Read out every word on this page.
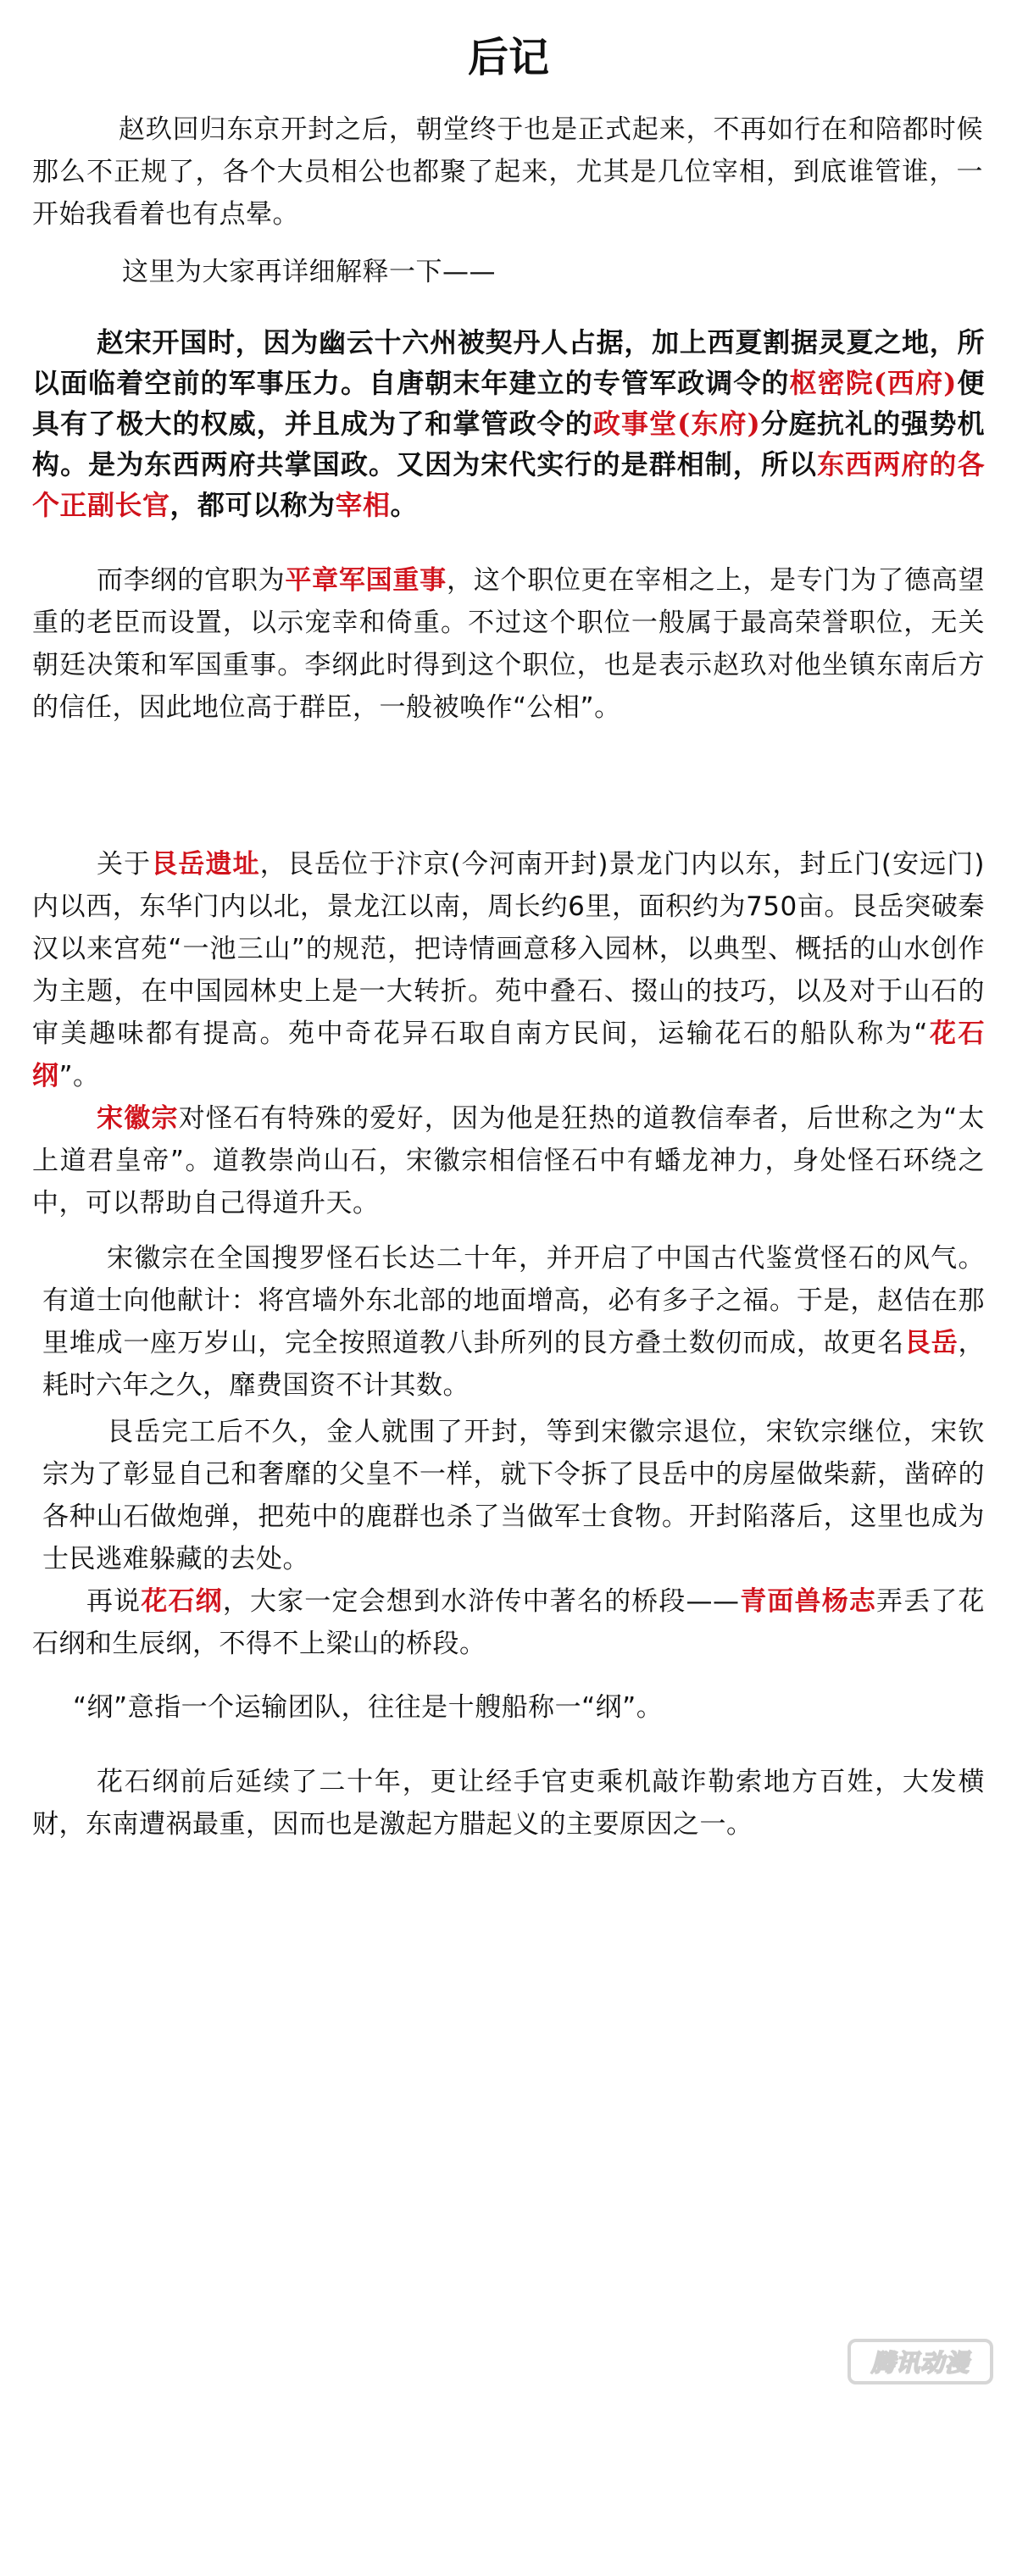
后记

赵玖回归东京开封之后，朝堂终于也是正式起来，不再如行在和陪都时候那么不正规了，各个大员相公也都聚了起来，尤其是几位宰相，到底谁管谁，一开始我看着也有点晕。

这里为大家再详细解释一下——

赵宋开国时，因为幽云十六州被契丹人占据，加上西夏割据灵夏之地，所以面临着空前的军事压力。自唐朝末年建立的专管军政调令的枢密院(西府)便具有了极大的权威，并且成为了和掌管政令的政事堂(东府)分庭抗礼的强势机构。是为东西两府共掌国政。又因为宋代实行的是群相制，所以东西两府的各个正副长官，都可以称为宰相。

而李纲的官职为平章军国重事，这个职位更在宰相之上，是专门为了德高望重的老臣而设置，以示宠幸和倚重。不过这个职位一般属于最高荣誉职位，无关朝廷决策和军国重事。李纲此时得到这个职位，也是表示赵玖对他坐镇东南后方的信任，因此地位高于群臣，一般被唤作“公相”。

关于艮岳遗址，艮岳位于汴京(今河南开封)景龙门内以东，封丘门(安远门)内以西，东华门内以北，景龙江以南，周长约6里，面积约为750亩。艮岳突破秦汉以来宫苑“一池三山”的规范，把诗情画意移入园林，以典型、概括的山水创作为主题，在中国园林史上是一大转折。苑中叠石、掇山的技巧，以及对于山石的审美趣味都有提高。苑中奇花异石取自南方民间，运输花石的船队称为“花石纲”。

宋徽宗对怪石有特殊的爱好，因为他是狂热的道教信奉者，后世称之为“太上道君皇帝”。道教崇尚山石，宋徽宗相信怪石中有蟠龙神力，身处怪石环绕之中，可以帮助自己得道升天。

宋徽宗在全国搜罗怪石长达二十年，并开启了中国古代鉴赏怪石的风气。有道士向他献计：将宫墙外东北部的地面增高，必有多子之福。于是，赵佶在那里堆成一座万岁山，完全按照道教八卦所列的艮方叠土数仞而成，故更名艮岳，耗时六年之久，靡费国资不计其数。

艮岳完工后不久，金人就围了开封，等到宋徽宗退位，宋钦宗继位，宋钦宗为了彰显自己和奢靡的父皇不一样，就下令拆了艮岳中的房屋做柴薪，凿碎的各种山石做炮弹，把苑中的鹿群也杀了当做军士食物。开封陷落后，这里也成为士民逃难躲藏的去处。

再说花石纲，大家一定会想到水浒传中著名的桥段——青面兽杨志弄丢了花石纲和生辰纲，不得不上梁山的桥段。

“纲”意指一个运输团队，往往是十艘船称一“纲”。

花石纲前后延续了二十年，更让经手官吏乘机敲诈勒索地方百姓，大发横财，东南遭祸最重，因而也是激起方腊起义的主要原因之一。

腾讯动漫
